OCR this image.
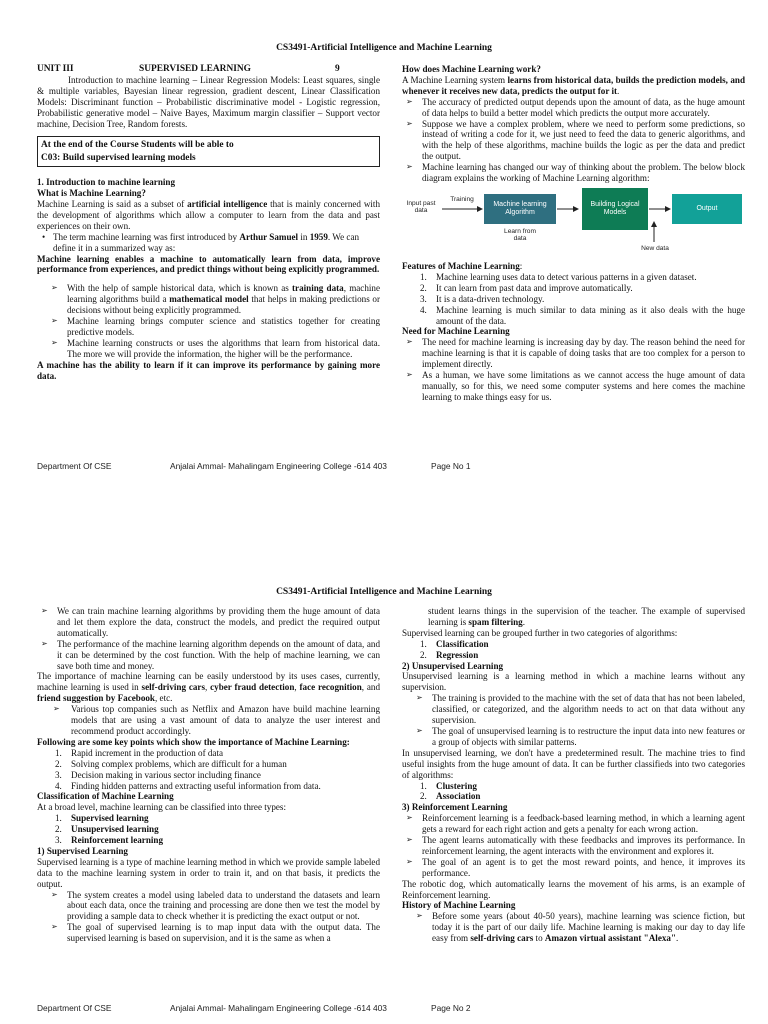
CS3491-Artificial Intelligence and Machine Learning
UNIT III	SUPERVISED LEARNING	9

Introduction to machine learning – Linear Regression Models: Least squares, single & multiple variables, Bayesian linear regression, gradient descent, Linear Classification Models: Discriminant function – Probabilistic discriminative model - Logistic regression, Probabilistic generative model – Naive Bayes, Maximum margin classifier – Support vector machine, Decision Tree, Random forests.

At the end of the Course Students will be able to
C03: Build supervised learning models
1. Introduction to machine learning
What is Machine Learning?

Machine Learning is said as a subset of artificial intelligence that is mainly concerned with the development of algorithms which allow a computer to learn from the data and past experiences on their own.

• The term machine learning was first introduced by Arthur Samuel in 1959. We can define it in a summarized way as:

Machine learning enables a machine to automatically learn from data, improve performance from experiences, and predict things without being explicitly programmed.

➢ With the help of sample historical data, which is known as training data, machine learning algorithms build a mathematical model that helps in making predictions or decisions without being explicitly programmed.
➢ Machine learning brings computer science and statistics together for creating predictive models.
➢ Machine learning constructs or uses the algorithms that learn from historical data. The more we will provide the information, the higher will be the performance.

A machine has the ability to learn if it can improve its performance by gaining more data.

How does Machine Learning work?

A Machine Learning system learns from historical data, builds the prediction models, and whenever it receives new data, predicts the output for it.

➢ The accuracy of predicted output depends upon the amount of data, as the huge amount of data helps to build a better model which predicts the output more accurately.
➢ Suppose we have a complex problem, where we need to perform some predictions, so instead of writing a code for it, we just need to feed the data to generic algorithms, and with the help of these algorithms, machine builds the logic as per the data and predict the output.
➢ Machine learning has changed our way of thinking about the problem. The below block diagram explains the working of Machine Learning algorithm:
Input past data
Training
Machine learning Algorithm
Learn from data
Building Logical Models
Output
New data
Features of Machine Learning:
1. Machine learning uses data to detect various patterns in a given dataset.
2. It can learn from past data and improve automatically.
3. It is a data-driven technology.
4. Machine learning is much similar to data mining as it also deals with the huge amount of the data.
Need for Machine Learning
➢ The need for machine learning is increasing day by day. The reason behind the need for machine learning is that it is capable of doing tasks that are too complex for a person to implement directly.
➢ As a human, we have some limitations as we cannot access the huge amount of data manually, so for this, we need some computer systems and here comes the machine learning to make things easy for us.
Department Of CSE	Anjalai Ammal- Mahalingam Engineering College -614 403	Page No 1
CS3491-Artificial Intelligence and Machine Learning
➢ We can train machine learning algorithms by providing them the huge amount of data and let them explore the data, construct the models, and predict the required output automatically.
➢ The performance of the machine learning algorithm depends on the amount of data, and it can be determined by the cost function. With the help of machine learning, we can save both time and money.

The importance of machine learning can be easily understood by its uses cases, currently, machine learning is used in self-driving cars, cyber fraud detection, face recognition, and friend suggestion by Facebook, etc.

➢ Various top companies such as Netflix and Amazon have build machine learning models that are using a vast amount of data to analyze the user interest and recommend product accordingly.

Following are some key points which show the importance of Machine Learning:

1. Rapid increment in the production of data
2. Solving complex problems, which are difficult for a human
3. Decision making in various sector including finance
4. Finding hidden patterns and extracting useful information from data.
Classification of Machine Learning

At a broad level, machine learning can be classified into three types:

1. Supervised learning
2. Unsupervised learning
3. Reinforcement learning
1) Supervised Learning

Supervised learning is a type of machine learning method in which we provide sample labeled data to the machine learning system in order to train it, and on that basis, it predicts the output.

➢ The system creates a model using labeled data to understand the datasets and learn about each data, once the training and processing are done then we test the model by providing a sample data to check whether it is predicting the exact output or not.
➢ The goal of supervised learning is to map input data with the output data. The supervised learning is based on supervision, and it is the same as when a

student learns things in the supervision of the teacher. The example of supervised learning is spam filtering.

Supervised learning can be grouped further in two categories of algorithms:

1. Classification
2. Regression
2) Unsupervised Learning

Unsupervised learning is a learning method in which a machine learns without any supervision.

➢ The training is provided to the machine with the set of data that has not been labeled, classified, or categorized, and the algorithm needs to act on that data without any supervision.
➢ The goal of unsupervised learning is to restructure the input data into new features or a group of objects with similar patterns.

In unsupervised learning, we don't have a predetermined result. The machine tries to find useful insights from the huge amount of data. It can be further classifieds into two categories of algorithms:

1. Clustering
2. Association
3) Reinforcement Learning
➢ Reinforcement learning is a feedback-based learning method, in which a learning agent gets a reward for each right action and gets a penalty for each wrong action.
➢ The agent learns automatically with these feedbacks and improves its performance. In reinforcement learning, the agent interacts with the environment and explores it.
➢ The goal of an agent is to get the most reward points, and hence, it improves its performance.

The robotic dog, which automatically learns the movement of his arms, is an example of Reinforcement learning.

History of Machine Learning
➢ Before some years (about 40-50 years), machine learning was science fiction, but today it is the part of our daily life. Machine learning is making our day to day life easy from self-driving cars to Amazon virtual assistant "Alexa".
Department Of CSE	Anjalai Ammal- Mahalingam Engineering College -614 403	Page No 2
